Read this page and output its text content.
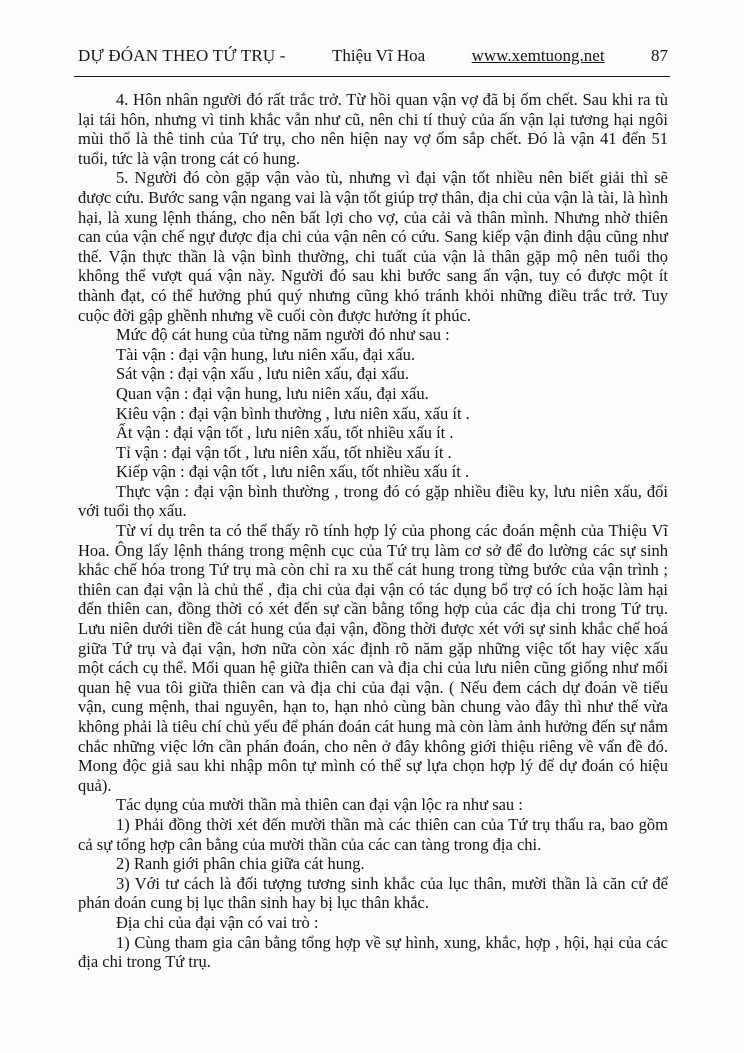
DỰ ĐÓAN THEO TỨ TRỤ -	Thiệu Vĩ Hoa	www.xemtuong.net	87

4. Hôn nhân người đó rất trắc trở. Từ hồi quan vận vợ đã bị ốm chết. Sau khi ra tù lại tái hôn, nhưng vì tinh khắc vẫn như cũ, nên chi tí thuỷ của ấn vận lại tương hại ngôi mùi thổ là thê tinh của Tứ trụ, cho nên hiện nay vợ ốm sắp chết. Đó là vận 41 đến 51 tuổi, tức là vận trong cát có hung.

5. Người đó còn gặp vận vào tù, nhưng vì đại vận tốt nhiều nên biết giải thì sẽ được cứu. Bước sang vận ngang vai là vận tốt giúp trợ thân, địa chi của vận là tài, là hình hại, là xung lệnh tháng, cho nên bất lợi cho vợ, của cải và thân mình. Nhưng nhờ thiên can của vận chế ngự được địa chi của vận nên có cứu. Sang kiếp vận đinh dậu cũng như thế. Vận thực thần là vận bình thường, chi tuất của vận là thân gặp mộ nên tuổi thọ không thể vượt quá vận này. Người đó sau khi bước sang ấn vận, tuy có được một ít thành đạt, có thể hưởng phú quý nhưng cũng khó tránh khỏi những điều trắc trở. Tuy cuộc đời gập ghềnh nhưng về cuối còn được hưởng ít phúc.

Mức độ cát hung của từng năm người đó như sau :

Tài vận : đại vận hung, lưu niên xấu, đại xấu.

Sát vận : đại vận xấu , lưu niên xấu, đại xấu.

Quan vận : đại vận hung, lưu niên xấu, đại xấu.

Kiêu vận : đại vận bình thường , lưu niên xấu, xấu ít .

Ất vận : đại vận tốt , lưu niên xấu, tốt nhiều xấu ít .

Tỉ vận : đại vận tốt , lưu niên xấu, tốt nhiều xấu ít .

Kiếp vận : đại vận tốt , lưu niên xấu, tốt nhiều xấu ít .

Thực vận : đại vận bình thường , trong đó có gặp nhiều điều ky, lưu niên xấu, đối với tuổi thọ xấu.

Từ ví dụ trên ta có thể thấy rõ tính hợp lý của phong các đoán mệnh của Thiệu Vĩ Hoa. Ông lấy lệnh tháng trong mệnh cục của Tứ trụ làm cơ sở để đo lường các sự sinh khắc chế hóa trong Tứ trụ mà còn chỉ ra xu thế cát hung trong từng bước của vận trình ; thiên can đại vận là chủ thể , địa chi của đại vận có tác dụng bổ trợ có ích hoặc làm hại đến thiên can, đồng thời có xét đến sự cần bằng tổng hợp của các địa chi trong Tứ trụ. Lưu niên dưới tiền đề cát hung của đại vận, đồng thời được xét với sự sinh khắc chế hoá giữa Tứ trụ và đại vận, hơn nữa còn xác định rõ năm gặp những việc tốt hay việc xấu một cách cụ thể. Mối quan hệ giữa thiên can và địa chi của lưu niên cũng giống như mối quan hệ vua tôi giữa thiên can và địa chi của đại vận. ( Nếu đem cách dự đoán về tiểu vận, cung mệnh, thai nguyên, hạn to, hạn nhỏ cùng bàn chung vào đây thì như thế vừa không phải là tiêu chí chủ yếu để phán đoán cát hung mà còn làm ảnh hưởng đến sự nắm chắc những việc lớn cần phán đoán, cho nên ở đây không giới thiệu riêng về vấn đề đó. Mong độc giả sau khi nhập môn tự mình có thể sự lựa chọn hợp lý để dự đoán có hiệu quả).

Tác dụng của mười thần mà thiên can đại vận lộc ra như sau :

1) Phải đồng thời xét đến mười thần mà các thiên can của Tứ trụ thấu ra, bao gồm cả sự tổng hợp cân bằng của mười thần của các can tàng trong địa chi.

2) Ranh giới phân chia giữa cát hung.

3) Với tư cách là đối tượng tương sinh khắc của lục thân, mười thần là căn cứ để phán đoán cung bị lục thân sinh hay bị lục thân khắc.

Địa chi của đại vận có vai trò :

1) Cùng tham gia cân bằng tổng hợp về sự hình, xung, khắc, hợp , hội, hại của các địa chi trong Tứ trụ.
